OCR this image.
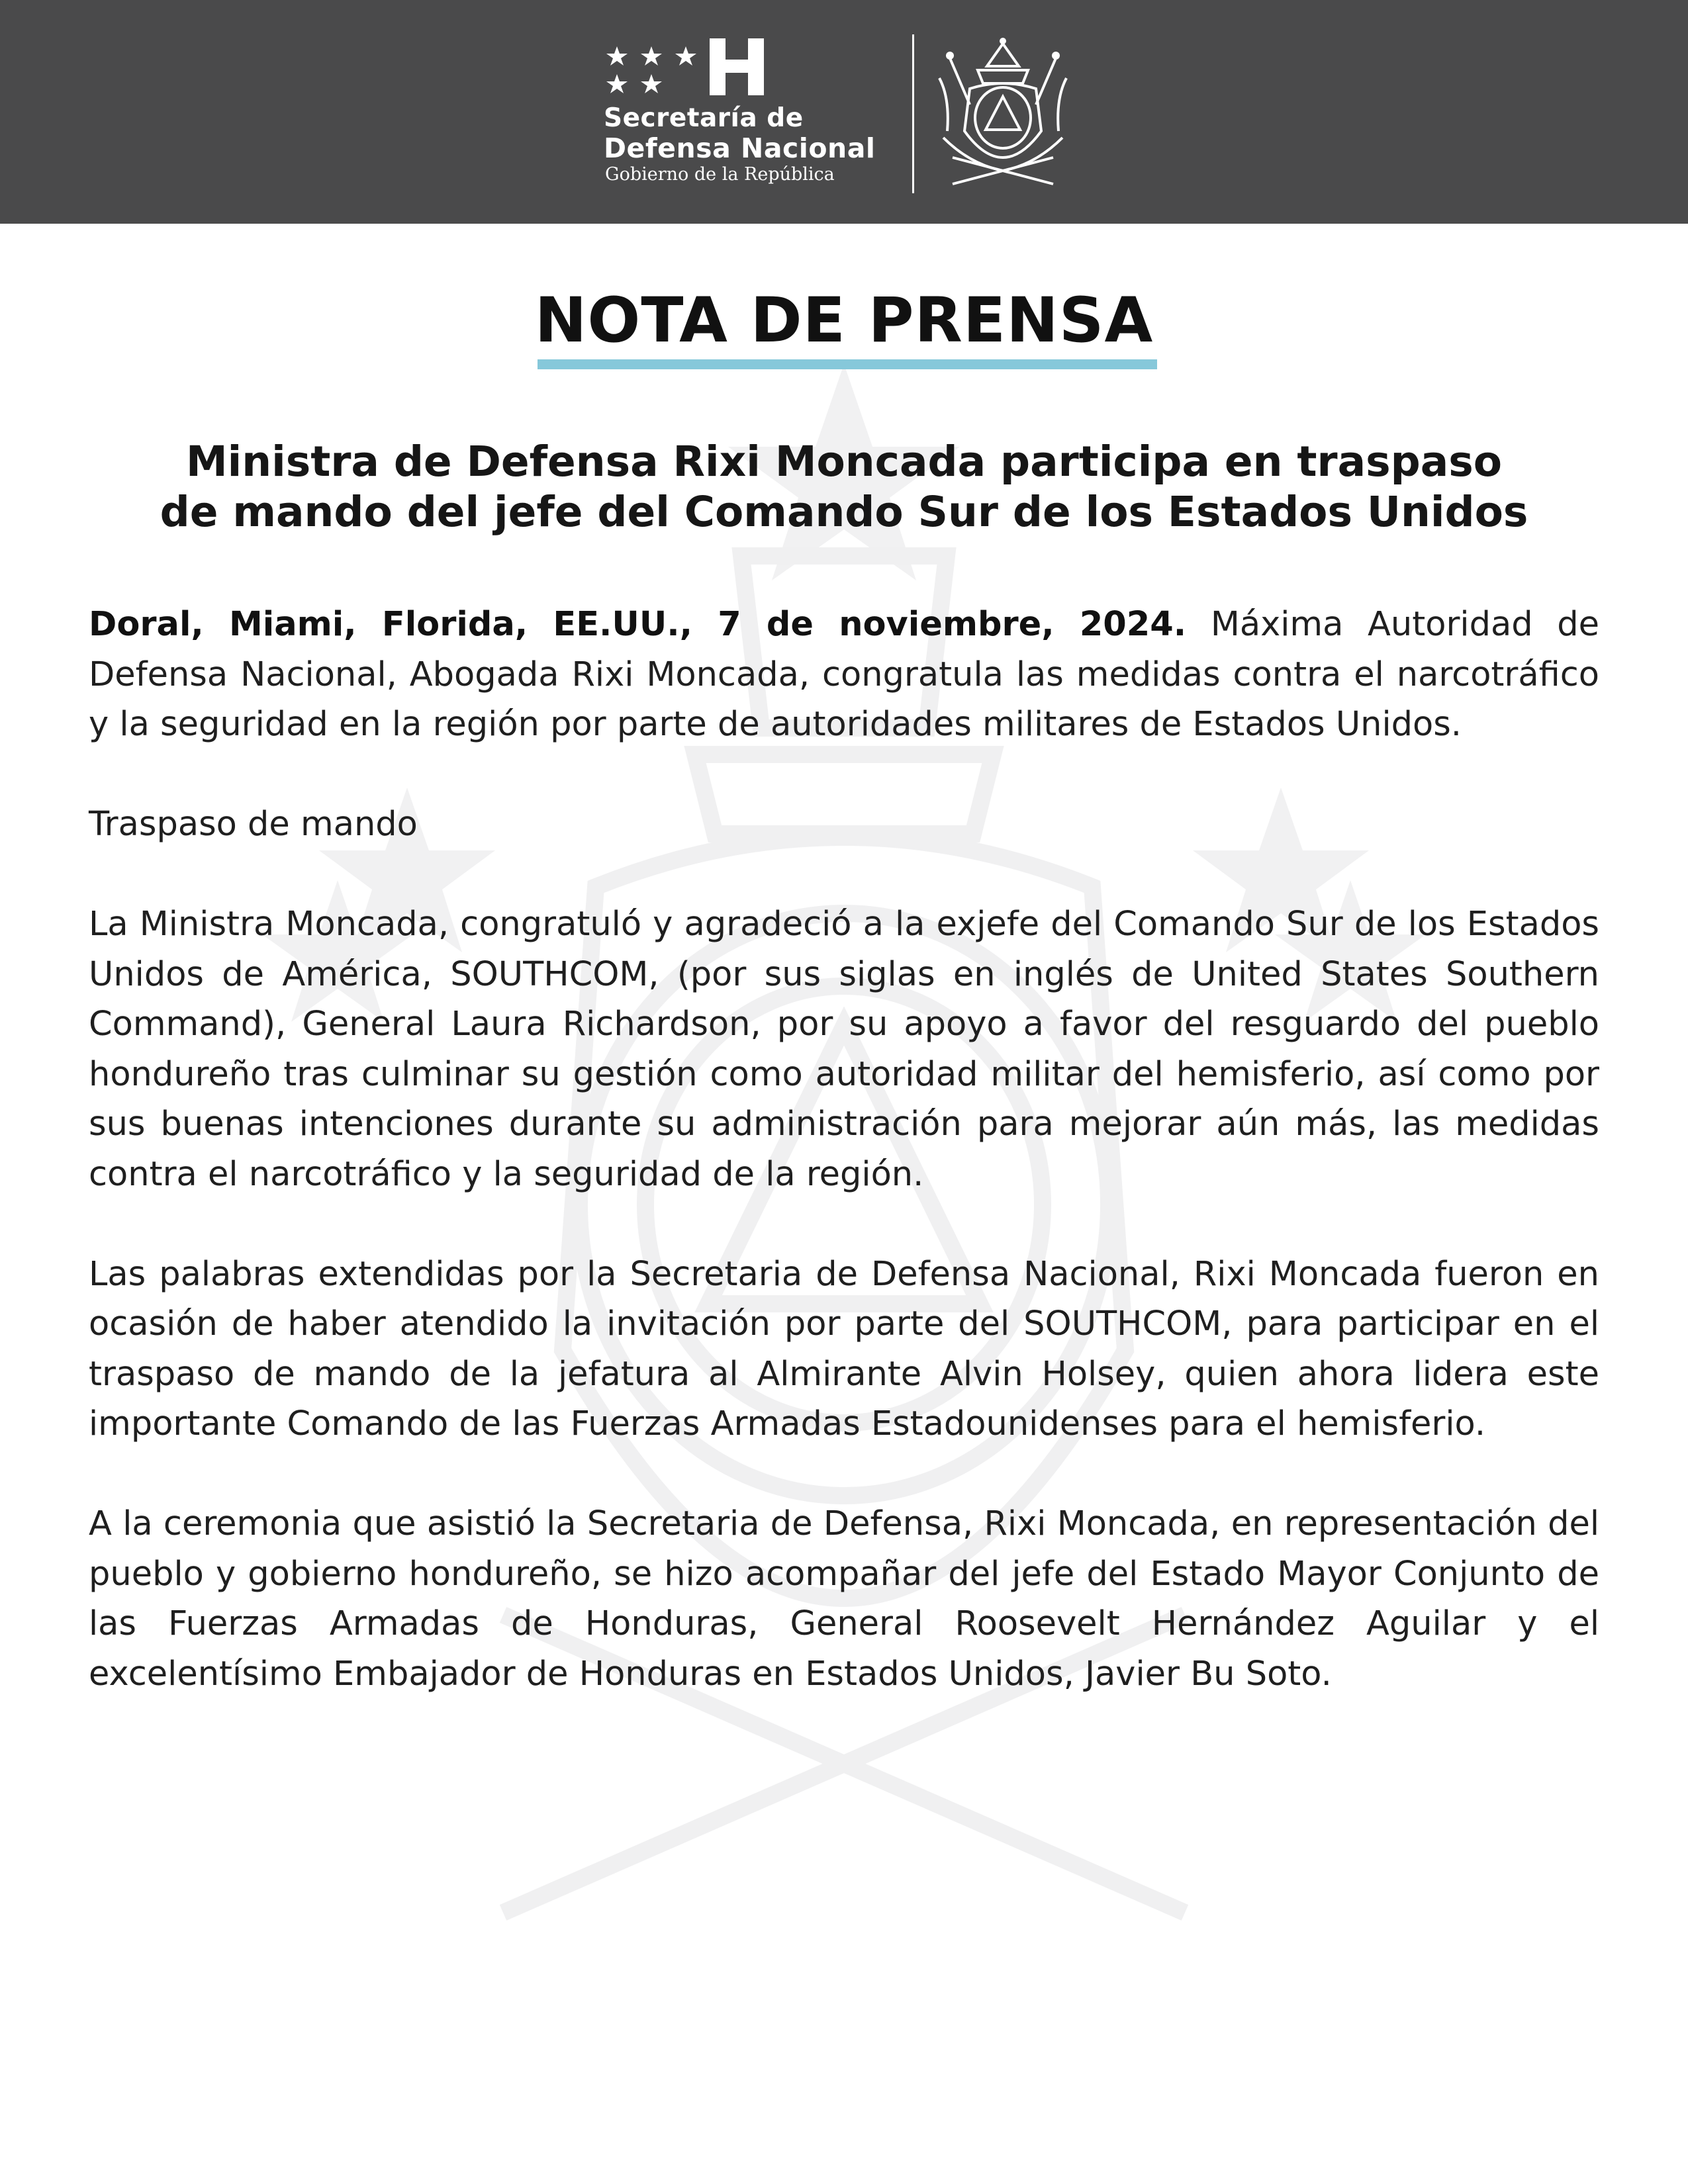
Secretaría de
Defensa Nacional
Gobierno de la República
NOTA DE PRENSA
Ministra de Defensa Rixi Moncada participa en traspaso
de mando del jefe del Comando Sur de los Estados Unidos

Doral, Miami, Florida, EE.UU., 7 de noviembre, 2024. Máxima Autoridad de Defensa Nacional, Abogada Rixi Moncada, congratula las medidas contra el narcotráfico y la seguridad en la región por parte de autoridades militares de Estados Unidos.

Traspaso de mando

La Ministra Moncada, congratuló y agradeció a la exjefe del Comando Sur de los Estados Unidos de América, SOUTHCOM, (por sus siglas en inglés de United States Southern Command), General Laura Richardson, por su apoyo a favor del resguardo del pueblo hondureño tras culminar su gestión como autoridad militar del hemisferio, así como por sus buenas intenciones durante su administración para mejorar aún más, las medidas contra el narcotráfico y la seguridad de la región.

Las palabras extendidas por la Secretaria de Defensa Nacional, Rixi Moncada fueron en ocasión de haber atendido la invitación por parte del SOUTHCOM, para participar en el traspaso de mando de la jefatura al Almirante Alvin Holsey, quien ahora lidera este importante Comando de las Fuerzas Armadas Estadounidenses para el hemisferio.

A la ceremonia que asistió la Secretaria de Defensa, Rixi Moncada, en representación del pueblo y gobierno hondureño, se hizo acompañar del jefe del Estado Mayor Conjunto de las Fuerzas Armadas de Honduras, General Roosevelt Hernández Aguilar y el excelentísimo Embajador de Honduras en Estados Unidos, Javier Bu Soto.
